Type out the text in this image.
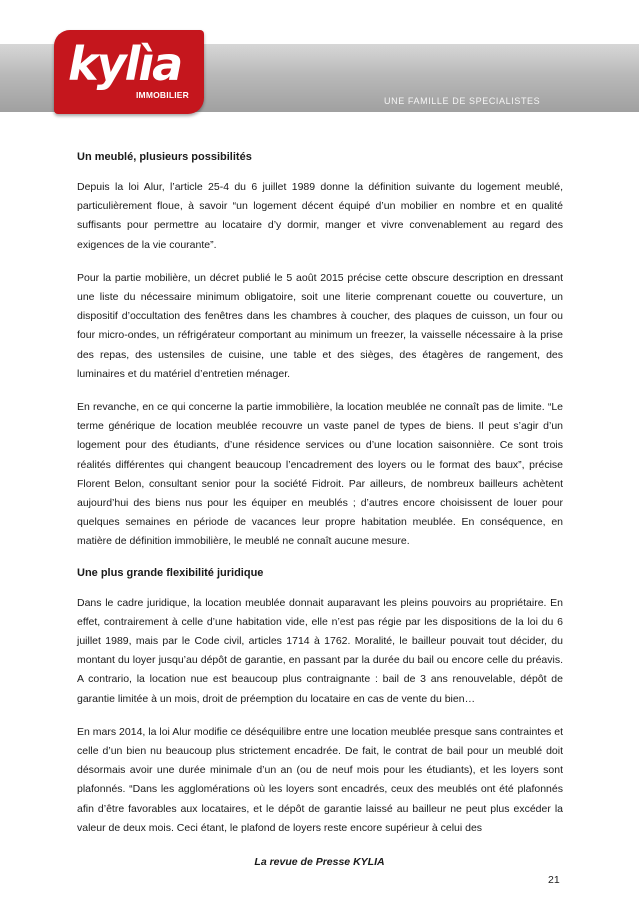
UNE FAMILLE DE SPECIALISTES
kylìa
IMMOBILIER
Un meublé, plusieurs possibilités

Depuis la loi Alur, l’article 25-4 du 6 juillet 1989 donne la définition suivante du logement meublé, particulièrement floue, à savoir “un logement décent équipé d’un mobilier en nombre et en qualité suffisants pour permettre au locataire d’y dormir, manger et vivre convenablement au regard des exigences de la vie courante”.

Pour la partie mobilière, un décret publié le 5 août 2015 précise cette obscure description en dressant une liste du nécessaire minimum obligatoire, soit une literie comprenant couette ou couverture, un dispositif d’occultation des fenêtres dans les chambres à coucher, des plaques de cuisson, un four ou four micro-ondes, un réfrigérateur comportant au minimum un freezer, la vaisselle nécessaire à la prise des repas, des ustensiles de cuisine, une table et des sièges, des étagères de rangement, des luminaires et du matériel d’entretien ménager.

En revanche, en ce qui concerne la partie immobilière, la location meublée ne connaît pas de limite. “Le terme générique de location meublée recouvre un vaste panel de types de biens. Il peut s’agir d’un logement pour des étudiants, d’une résidence services ou d’une location saisonnière. Ce sont trois réalités différentes qui changent beaucoup l’encadrement des loyers ou le format des baux”, précise Florent Belon, consultant senior pour la société Fidroit. Par ailleurs, de nombreux bailleurs achètent aujourd’hui des biens nus pour les équiper en meublés ; d’autres encore choisissent de louer pour quelques semaines en période de vacances leur propre habitation meublée. En conséquence, en matière de définition immobilière, le meublé ne connaît aucune mesure.

Une plus grande flexibilité juridique

Dans le cadre juridique, la location meublée donnait auparavant les pleins pouvoirs au propriétaire. En effet, contrairement à celle d’une habitation vide, elle n’est pas régie par les dispositions de la loi du 6 juillet 1989, mais par le Code civil, articles 1714 à 1762. Moralité, le bailleur pouvait tout décider, du montant du loyer jusqu’au dépôt de garantie, en passant par la durée du bail ou encore celle du préavis. A contrario, la location nue est beaucoup plus contraignante : bail de 3 ans renouvelable, dépôt de garantie limitée à un mois, droit de préemption du locataire en cas de vente du bien…

En mars 2014, la loi Alur modifie ce déséquilibre entre une location meublée presque sans contraintes et celle d’un bien nu beaucoup plus strictement encadrée. De fait, le contrat de bail pour un meublé doit désormais avoir une durée minimale d’un an (ou de neuf mois pour les étudiants), et les loyers sont plafonnés. “Dans les agglomérations où les loyers sont encadrés, ceux des meublés ont été plafonnés afin d’être favorables aux locataires, et le dépôt de garantie laissé au bailleur ne peut plus excéder la valeur de deux mois. Ceci étant, le plafond de loyers reste encore supérieur à celui des

La revue de Presse KYLIA
21
